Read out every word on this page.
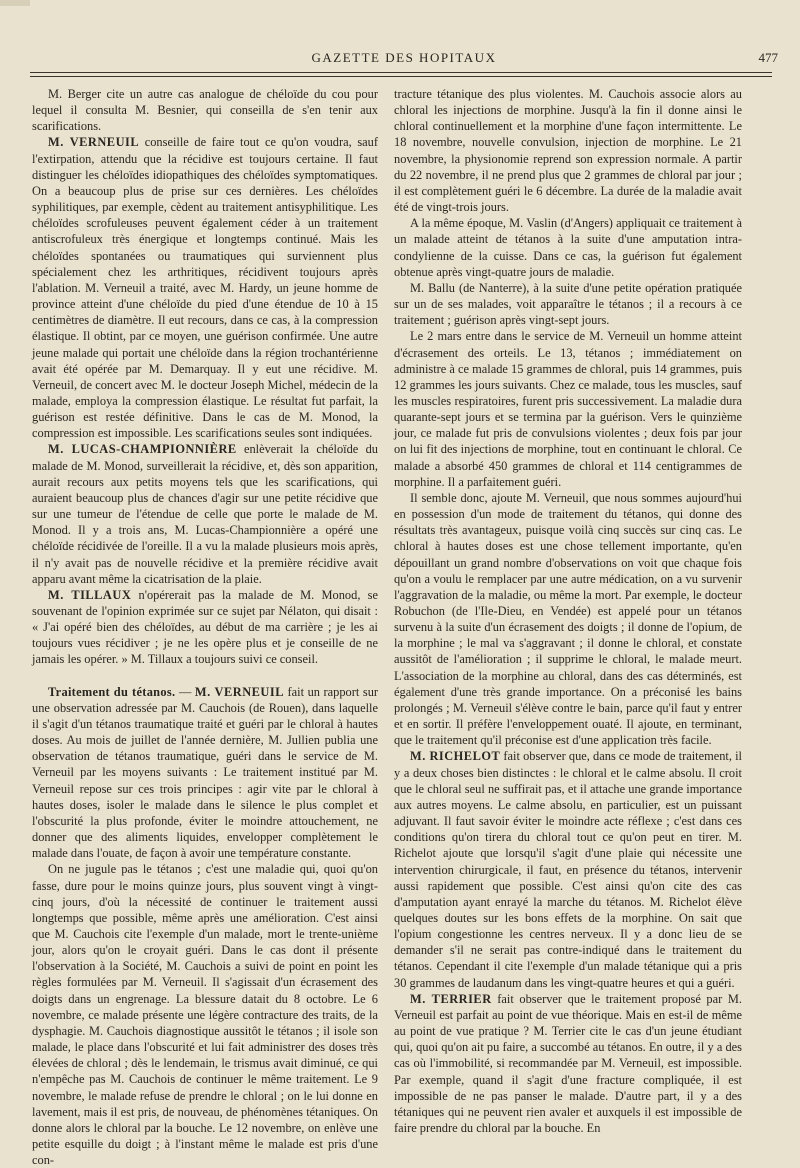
GAZETTE DES HOPITAUX	477

M. Berger cite un autre cas analogue de chéloïde du cou pour lequel il consulta M. Besnier, qui conseilla de s'en tenir aux scarifications.

M. VERNEUIL conseille de faire tout ce qu'on voudra, sauf l'extirpation, attendu que la récidive est toujours certaine. Il faut distinguer les chéloïdes idiopathiques des chéloïdes symptomatiques. On a beaucoup plus de prise sur ces dernières. Les chéloïdes syphilitiques, par exemple, cèdent au traitement antisyphilitique. Les chéloïdes scrofuleuses peuvent également céder à un traitement antiscrofuleux très énergique et longtemps continué. Mais les chéloïdes spontanées ou traumatiques qui surviennent plus spécialement chez les arthritiques, récidivent toujours après l'ablation. M. Verneuil a traité, avec M. Hardy, un jeune homme de province atteint d'une chéloïde du pied d'une étendue de 10 à 15 centimètres de diamètre. Il eut recours, dans ce cas, à la compression élastique. Il obtint, par ce moyen, une guérison confirmée. Une autre jeune malade qui portait une chéloïde dans la région trochantérienne avait été opérée par M. Demarquay. Il y eut une récidive. M. Verneuil, de concert avec M. le docteur Joseph Michel, médecin de la malade, employa la compression élastique. Le résultat fut parfait, la guérison est restée définitive. Dans le cas de M. Monod, la compression est impossible. Les scarifications seules sont indiquées.

M. LUCAS-CHAMPIONNIÈRE enlèverait la chéloïde du malade de M. Monod, surveillerait la récidive, et, dès son apparition, aurait recours aux petits moyens tels que les scarifications, qui auraient beaucoup plus de chances d'agir sur une petite récidive que sur une tumeur de l'étendue de celle que porte le malade de M. Monod. Il y a trois ans, M. Lucas-Championnière a opéré une chéloïde récidivée de l'oreille. Il a vu la malade plusieurs mois après, il n'y avait pas de nouvelle récidive et la première récidive avait apparu avant même la cicatrisation de la plaie.

M. TILLAUX n'opérerait pas la malade de M. Monod, se souvenant de l'opinion exprimée sur ce sujet par Nélaton, qui disait : « J'ai opéré bien des chéloïdes, au début de ma carrière ; je les ai toujours vues récidiver ; je ne les opère plus et je conseille de ne jamais les opérer. » M. Tillaux a toujours suivi ce conseil.

Traitement du tétanos. — M. VERNEUIL fait un rapport sur une observation adressée par M. Cauchois (de Rouen), dans laquelle il s'agit d'un tétanos traumatique traité et guéri par le chloral à hautes doses. Au mois de juillet de l'année dernière, M. Jullien publia une observation de tétanos traumatique, guéri dans le service de M. Verneuil par les moyens suivants : Le traitement institué par M. Verneuil repose sur ces trois principes : agir vite par le chloral à hautes doses, isoler le malade dans le silence le plus complet et l'obscurité la plus profonde, éviter le moindre attouchement, ne donner que des aliments liquides, envelopper complètement le malade dans l'ouate, de façon à avoir une température constante.

On ne jugule pas le tétanos ; c'est une maladie qui, quoi qu'on fasse, dure pour le moins quinze jours, plus souvent vingt à vingt-cinq jours, d'où la nécessité de continuer le traitement aussi longtemps que possible, même après une amélioration. C'est ainsi que M. Cauchois cite l'exemple d'un malade, mort le trente-unième jour, alors qu'on le croyait guéri. Dans le cas dont il présente l'observation à la Société, M. Cauchois a suivi de point en point les règles formulées par M. Verneuil. Il s'agissait d'un écrasement des doigts dans un engrenage. La blessure datait du 8 octobre. Le 6 novembre, ce malade présente une légère contracture des traits, de la dysphagie. M. Cauchois diagnostique aussitôt le tétanos ; il isole son malade, le place dans l'obscurité et lui fait administrer des doses très élevées de chloral ; dès le lendemain, le trismus avait diminué, ce qui n'empêche pas M. Cauchois de continuer le même traitement. Le 9 novembre, le malade refuse de prendre le chloral ; on le lui donne en lavement, mais il est pris, de nouveau, de phénomènes tétaniques. On donne alors le chloral par la bouche. Le 12 novembre, on enlève une petite esquille du doigt ; à l'instant même le malade est pris d'une con-

tracture tétanique des plus violentes. M. Cauchois associe alors au chloral les injections de morphine. Jusqu'à la fin il donne ainsi le chloral continuellement et la morphine d'une façon intermittente. Le 18 novembre, nouvelle convulsion, injection de morphine. Le 21 novembre, la physionomie reprend son expression normale. A partir du 22 novembre, il ne prend plus que 2 grammes de chloral par jour ; il est complètement guéri le 6 décembre. La durée de la maladie avait été de vingt-trois jours.

A la même époque, M. Vaslin (d'Angers) appliquait ce traitement à un malade atteint de tétanos à la suite d'une amputation intra-condylienne de la cuisse. Dans ce cas, la guérison fut également obtenue après vingt-quatre jours de maladie.

M. Ballu (de Nanterre), à la suite d'une petite opération pratiquée sur un de ses malades, voit apparaître le tétanos ; il a recours à ce traitement ; guérison après vingt-sept jours.

Le 2 mars entre dans le service de M. Verneuil un homme atteint d'écrasement des orteils. Le 13, tétanos ; immédiatement on administre à ce malade 15 grammes de chloral, puis 14 grammes, puis 12 grammes les jours suivants. Chez ce malade, tous les muscles, sauf les muscles respiratoires, furent pris successivement. La maladie dura quarante-sept jours et se termina par la guérison. Vers le quinzième jour, ce malade fut pris de convulsions violentes ; deux fois par jour on lui fit des injections de morphine, tout en continuant le chloral. Ce malade a absorbé 450 grammes de chloral et 114 centigrammes de morphine. Il a parfaitement guéri.

Il semble donc, ajoute M. Verneuil, que nous sommes aujourd'hui en possession d'un mode de traitement du tétanos, qui donne des résultats très avantageux, puisque voilà cinq succès sur cinq cas. Le chloral à hautes doses est une chose tellement importante, qu'en dépouillant un grand nombre d'observations on voit que chaque fois qu'on a voulu le remplacer par une autre médication, on a vu survenir l'aggravation de la maladie, ou même la mort. Par exemple, le docteur Robuchon (de l'Ile-Dieu, en Vendée) est appelé pour un tétanos survenu à la suite d'un écrasement des doigts ; il donne de l'opium, de la morphine ; le mal va s'aggravant ; il donne le chloral, et constate aussitôt de l'amélioration ; il supprime le chloral, le malade meurt. L'association de la morphine au chloral, dans des cas déterminés, est également d'une très grande importance. On a préconisé les bains prolongés ; M. Verneuil s'élève contre le bain, parce qu'il faut y entrer et en sortir. Il préfère l'enveloppement ouaté. Il ajoute, en terminant, que le traitement qu'il préconise est d'une application très facile.

M. RICHELOT fait observer que, dans ce mode de traitement, il y a deux choses bien distinctes : le chloral et le calme absolu. Il croit que le chloral seul ne suffirait pas, et il attache une grande importance aux autres moyens. Le calme absolu, en particulier, est un puissant adjuvant. Il faut savoir éviter le moindre acte réflexe ; c'est dans ces conditions qu'on tirera du chloral tout ce qu'on peut en tirer. M. Richelot ajoute que lorsqu'il s'agit d'une plaie qui nécessite une intervention chirurgicale, il faut, en présence du tétanos, intervenir aussi rapidement que possible. C'est ainsi qu'on cite des cas d'amputation ayant enrayé la marche du tétanos. M. Richelot élève quelques doutes sur les bons effets de la morphine. On sait que l'opium congestionne les centres nerveux. Il y a donc lieu de se demander s'il ne serait pas contre-indiqué dans le traitement du tétanos. Cependant il cite l'exemple d'un malade tétanique qui a pris 30 grammes de laudanum dans les vingt-quatre heures et qui a guéri.

M. TERRIER fait observer que le traitement proposé par M. Verneuil est parfait au point de vue théorique. Mais en est-il de même au point de vue pratique ? M. Terrier cite le cas d'un jeune étudiant qui, quoi qu'on ait pu faire, a succombé au tétanos. En outre, il y a des cas où l'immobilité, si recommandée par M. Verneuil, est impossible. Par exemple, quand il s'agit d'une fracture compliquée, il est impossible de ne pas panser le malade. D'autre part, il y a des tétaniques qui ne peuvent rien avaler et auxquels il est impossible de faire prendre du chloral par la bouche. En
